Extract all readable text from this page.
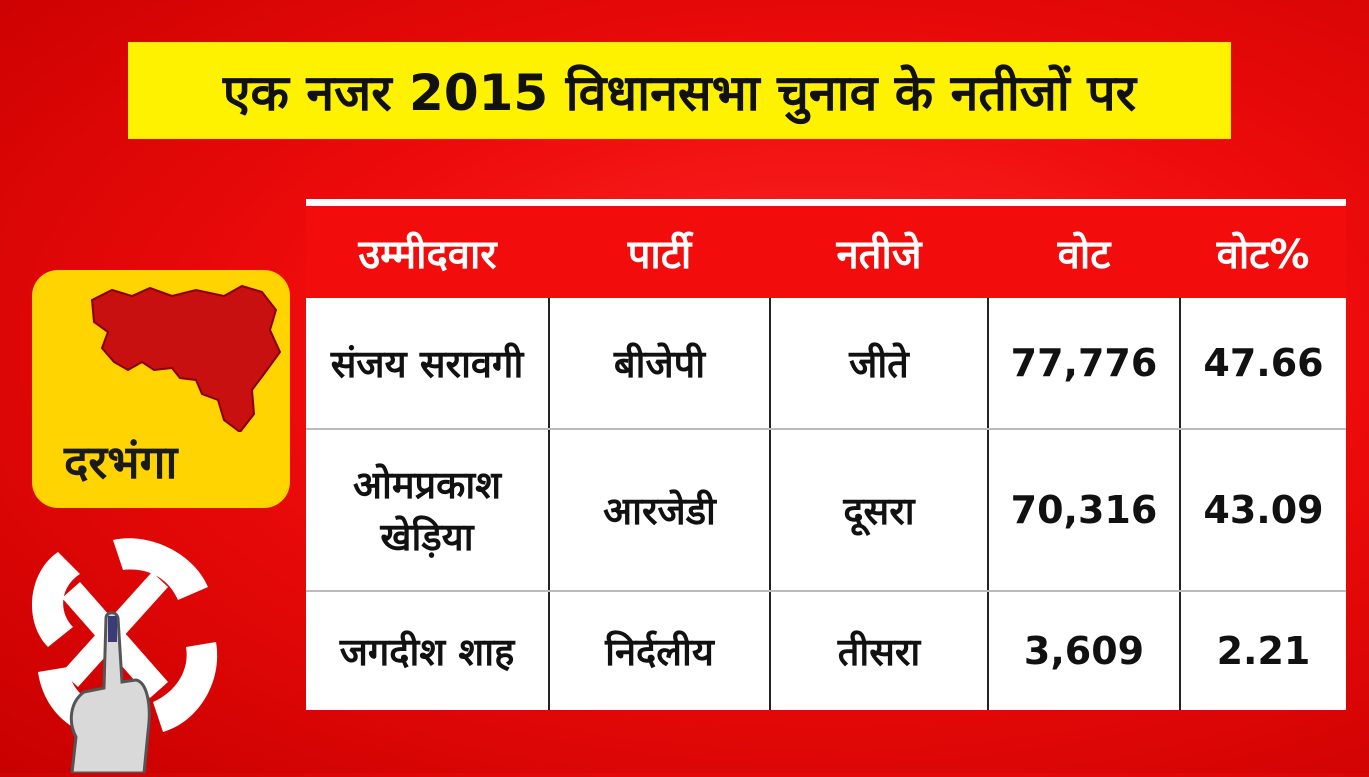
एक नजर 2015 विधानसभा चुनाव के नतीजों पर
दरभंगा
उम्मीदवार	पार्टी	नतीजे	वोट	वोट%
संजय सरावगी	बीजेपी	जीते	77,776	47.66
ओमप्रकाश खेड़िया	आरजेडी	दूसरा	70,316	43.09
जगदीश शाह	निर्दलीय	तीसरा	3,609	2.21
